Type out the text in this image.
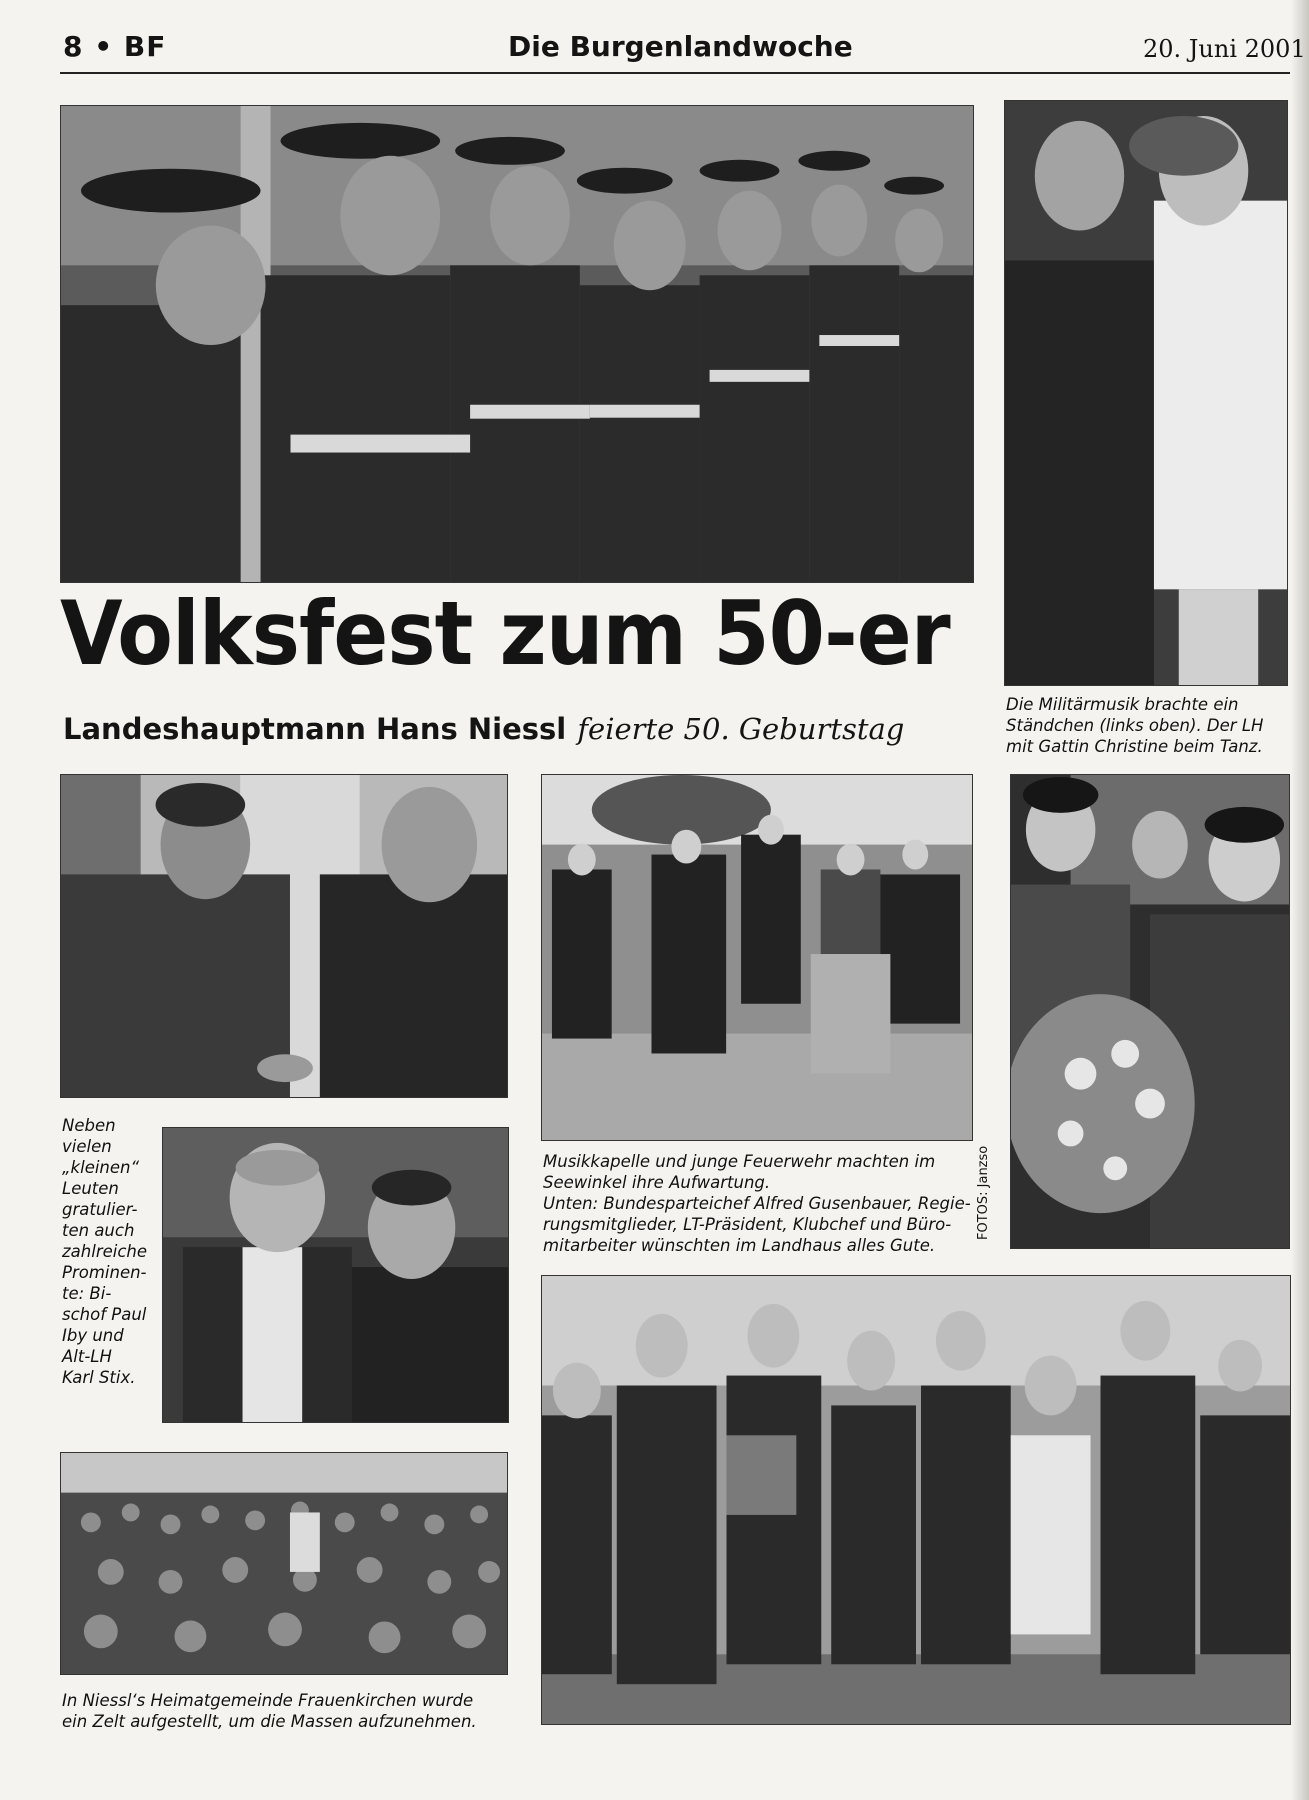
8 • BF	Die Burgenlandwoche	20. Juni 2001
Die Militärmusik brachte ein
Ständchen (links oben). Der LH
mit Gattin Christine beim Tanz.
Volksfest zum 50-er
Landeshauptmann Hans Niessl feierte 50. Geburtstag
FOTOS: Janzso
Neben
vielen
„kleinen“
Leuten
gratulier-
ten auch
zahlreiche
Prominen-
te: Bi-
schof Paul
Iby und
Alt-LH
Karl Stix.
Musikkapelle und junge Feuerwehr machten im
Seewinkel ihre Aufwartung.
Unten: Bundesparteichef Alfred Gusenbauer, Regie-
rungsmitglieder, LT-Präsident, Klubchef und Büro-
mitarbeiter wünschten im Landhaus alles Gute.
In Niessl‘s Heimatgemeinde Frauenkirchen wurde
ein Zelt aufgestellt, um die Massen aufzunehmen.
